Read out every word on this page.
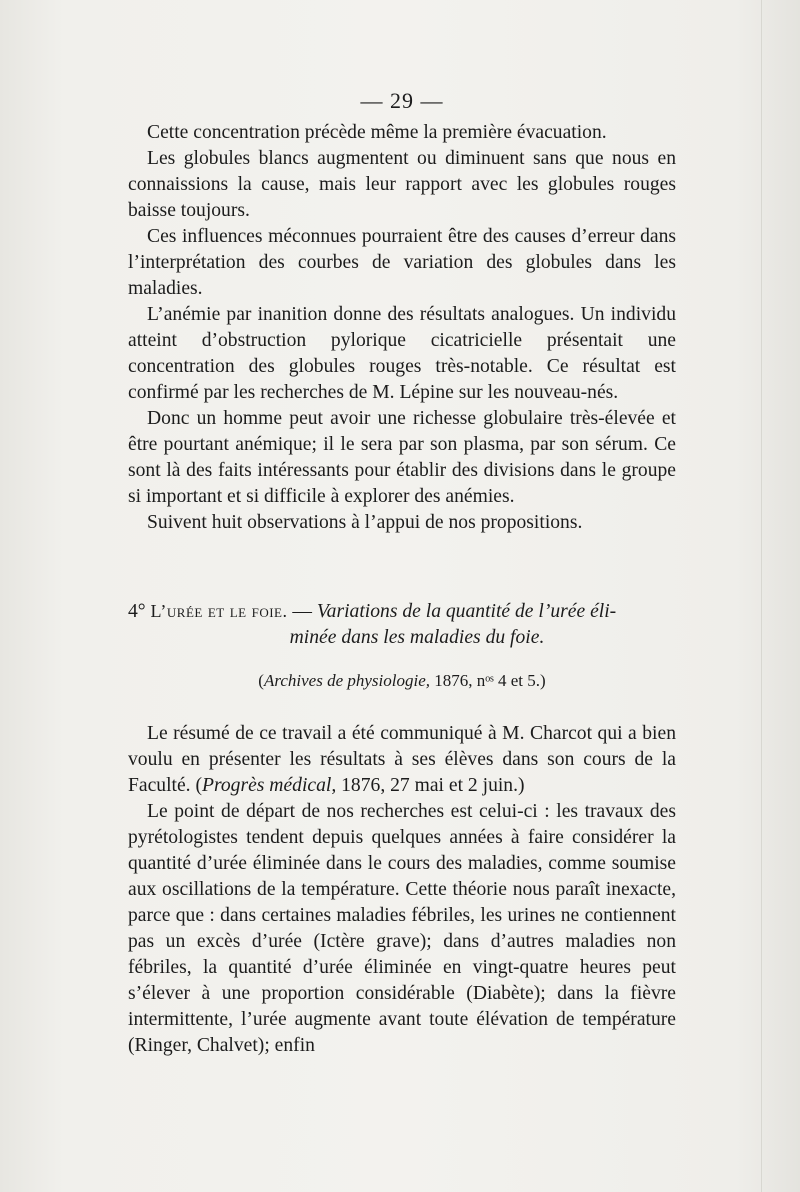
— 29 —

Cette concentration précède même la première évacuation.

Les globules blancs augmentent ou diminuent sans que nous en connaissions la cause, mais leur rapport avec les globules rouges baisse toujours.

Ces influences méconnues pourraient être des causes d’erreur dans l’interprétation des courbes de variation des globules dans les maladies.

L’anémie par inanition donne des résultats analogues. Un individu atteint d’obstruction pylorique cicatricielle présentait une concentration des globules rouges très-notable. Ce résultat est confirmé par les recherches de M. Lépine sur les nouveau-nés.

Donc un homme peut avoir une richesse globulaire très-élevée et être pourtant anémique; il le sera par son plasma, par son sérum. Ce sont là des faits intéressants pour établir des divisions dans le groupe si important et si difficile à explorer des anémies.

Suivent huit observations à l’appui de nos propositions.

4° L’urée et le foie. — Variations de la quantité de l’urée éli-
minée dans les maladies du foie.
(Archives de physiologie, 1876, nᵒˢ 4 et 5.)

Le résumé de ce travail a été communiqué à M. Charcot qui a bien voulu en présenter les résultats à ses élèves dans son cours de la Faculté. (Progrès médical, 1876, 27 mai et 2 juin.)

Le point de départ de nos recherches est celui-ci : les travaux des pyrétologistes tendent depuis quelques années à faire considérer la quantité d’urée éliminée dans le cours des maladies, comme soumise aux oscillations de la température. Cette théorie nous paraît inexacte, parce que : dans certaines maladies fébriles, les urines ne contiennent pas un excès d’urée (Ictère grave); dans d’autres maladies non fébriles, la quantité d’urée éliminée en vingt-quatre heures peut s’élever à une proportion considérable (Diabète); dans la fièvre intermittente, l’urée augmente avant toute élévation de température (Ringer, Chalvet); enfin
